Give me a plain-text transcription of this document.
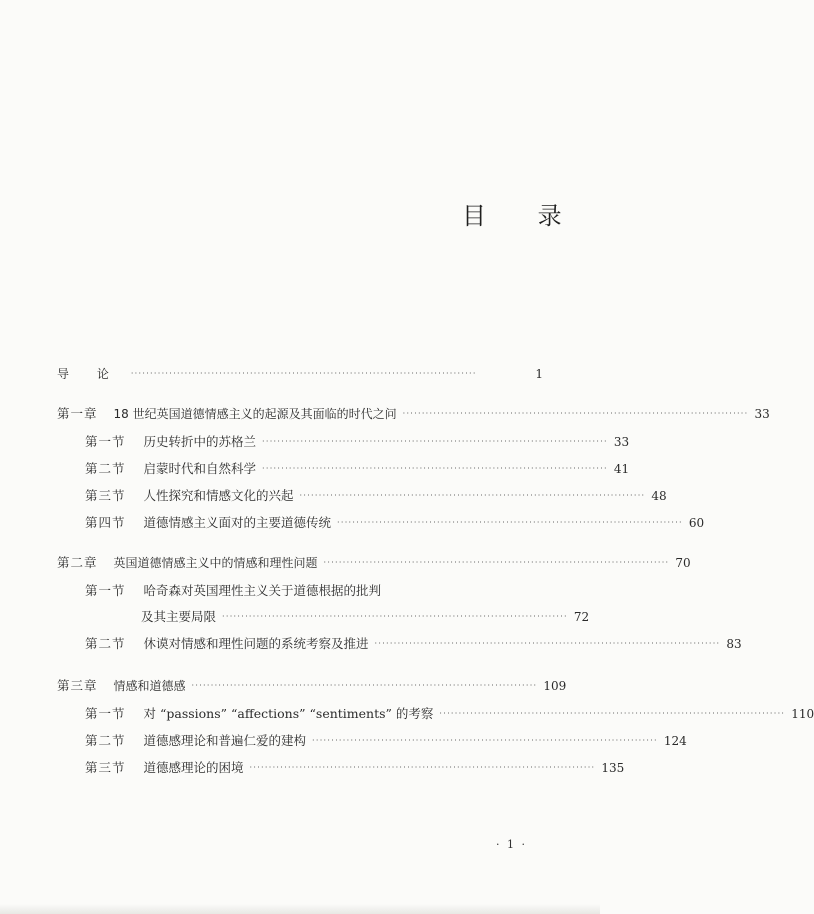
目 录
导 论 ··························································································	1
第一章 18 世纪英国道德情感主义的起源及其面临的时代之问 ·························································································· 33
第一节 历史转折中的苏格兰 ·························································································· 33
第二节 启蒙时代和自然科学 ·························································································· 41
第三节 人性探究和情感文化的兴起 ·························································································· 48
第四节 道德情感主义面对的主要道德传统 ·························································································· 60
第二章 英国道德情感主义中的情感和理性问题 ·························································································· 70
第一节 哈奇森对英国理性主义关于道德根据的批判
及其主要局限 ·························································································· 72
第二节 休谟对情感和理性问题的系统考察及推进 ·························································································· 83
第三章 情感和道德感 ·························································································· 109
第一节 对 “passions” “affections” “sentiments” 的考察 ·························································································· 110
第二节 道德感理论和普遍仁爱的建构 ·························································································· 124
第三节 道德感理论的困境 ·························································································· 135
· 1 ·
